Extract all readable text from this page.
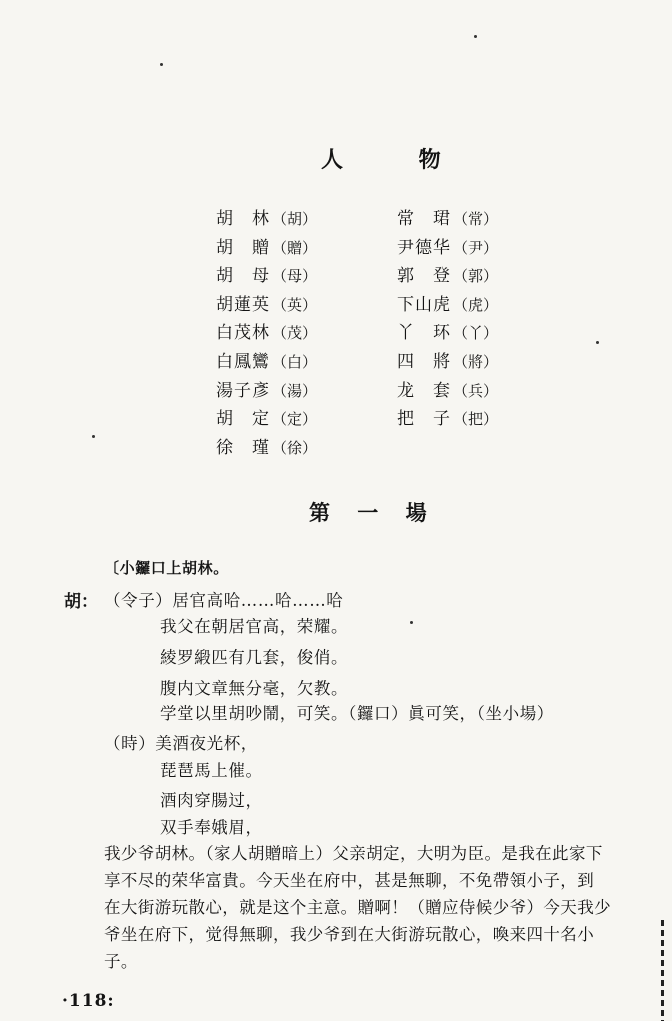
人 物
胡　林 （胡）
胡　贈 （贈）
胡　母 （母）
胡蓮英 （英）
白茂林 （茂）
白鳳鸞 （白）
湯子彥 （湯）
胡　定 （定）
徐　瑾 （徐）
常　珺 （常）
尹德华 （尹）
郭　登 （郭）
下山虎 （虎）
丫　环 （丫）
四　將 （將）
龙　套 （兵）
把　子 （把）
第 一 場
〔小鑼口上胡林。
胡： （令子）居官高哈……哈……哈
我父在朝居官高，荣耀。
綾罗緞匹有几套，俊俏。
腹内文章無分毫，欠教。
学堂以里胡吵鬧，可笑。（鑼口）眞可笑，（坐小場）
（時）美酒夜光杯，
琵琶馬上催。
酒肉穿腸过，
双手奉娥眉，

我少爷胡林。（家人胡贈暗上）父亲胡定，大明为臣。是我在此家下

享不尽的荣华富貴。今天坐在府中，甚是無聊，不免帶領小子，到

在大街游玩散心，就是这个主意。贈啊！（贈应侍候少爷）今天我少

爷坐在府下，觉得無聊，我少爷到在大街游玩散心，喚来四十名小

子。

·118:
